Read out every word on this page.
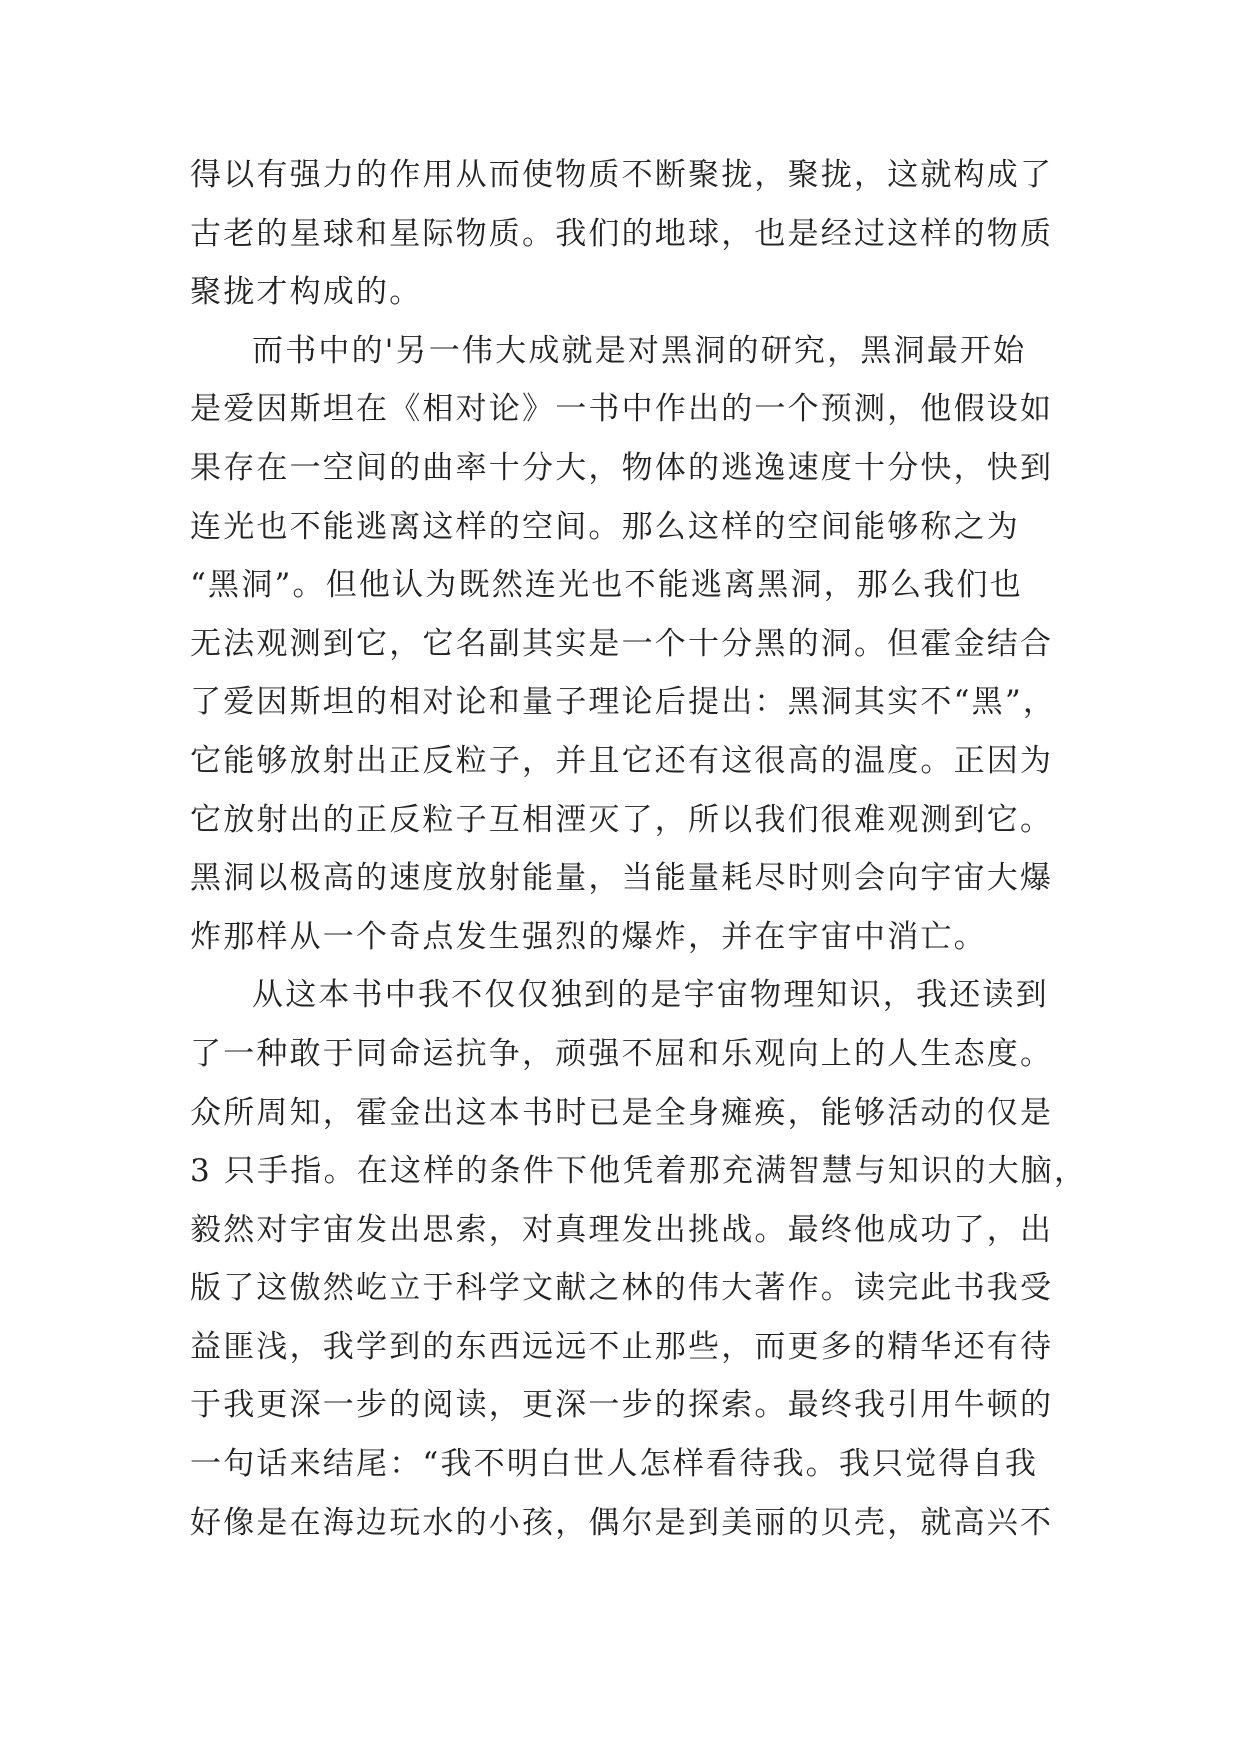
得以有强力的作用从而使物质不断聚拢，聚拢，这就构成了
古老的星球和星际物质。我们的地球，也是经过这样的物质
聚拢才构成的。
而书中的'另一伟大成就是对黑洞的研究，黑洞最开始
是爱因斯坦在《相对论》一书中作出的一个预测，他假设如
果存在一空间的曲率十分大，物体的逃逸速度十分快，快到
连光也不能逃离这样的空间。那么这样的空间能够称之为
“黑洞”。但他认为既然连光也不能逃离黑洞，那么我们也
无法观测到它，它名副其实是一个十分黑的洞。但霍金结合
了爱因斯坦的相对论和量子理论后提出：黑洞其实不“黑”，
它能够放射出正反粒子，并且它还有这很高的温度。正因为
它放射出的正反粒子互相湮灭了，所以我们很难观测到它。
黑洞以极高的速度放射能量，当能量耗尽时则会向宇宙大爆
炸那样从一个奇点发生强烈的爆炸，并在宇宙中消亡。
从这本书中我不仅仅独到的是宇宙物理知识，我还读到
了一种敢于同命运抗争，顽强不屈和乐观向上的人生态度。
众所周知，霍金出这本书时已是全身瘫痪，能够活动的仅是
3 只手指。在这样的条件下他凭着那充满智慧与知识的大脑，
毅然对宇宙发出思索，对真理发出挑战。最终他成功了，出
版了这傲然屹立于科学文献之林的伟大著作。读完此书我受
益匪浅，我学到的东西远远不止那些，而更多的精华还有待
于我更深一步的阅读，更深一步的探索。最终我引用牛顿的
一句话来结尾：“我不明白世人怎样看待我。我只觉得自我
好像是在海边玩水的小孩，偶尔是到美丽的贝壳，就高兴不
